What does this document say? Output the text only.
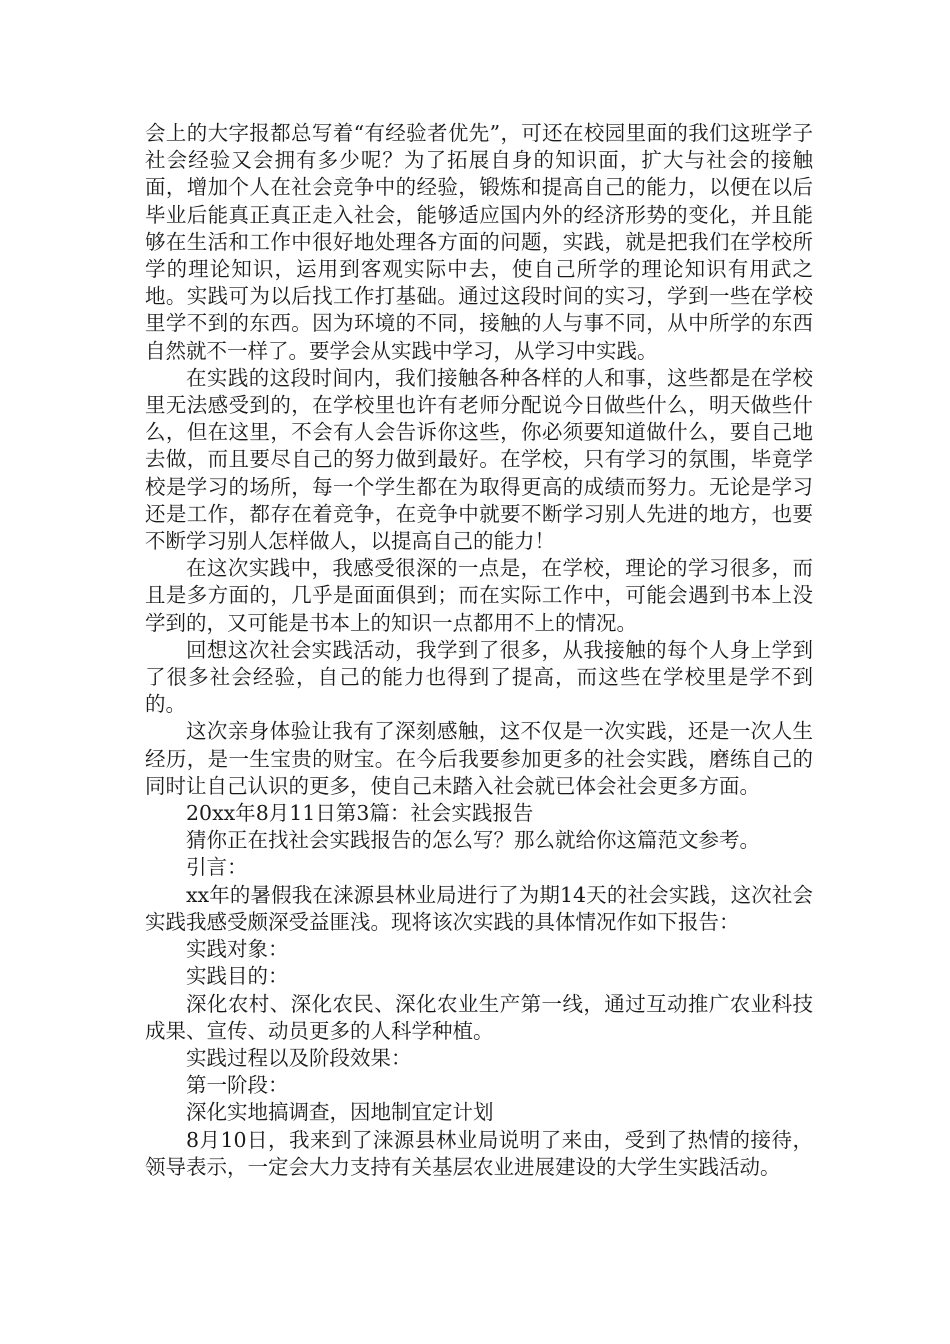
会上的大字报都总写着“有经验者优先”，可还在校园里面的我们这班学子社会经验又会拥有多少呢？为了拓展自身的知识面，扩大与社会的接触面，增加个人在社会竞争中的经验，锻炼和提高自己的能力，以便在以后毕业后能真正真正走入社会，能够适应国内外的经济形势的变化，并且能够在生活和工作中很好地处理各方面的问题，实践，就是把我们在学校所学的理论知识，运用到客观实际中去，使自己所学的理论知识有用武之地。实践可为以后找工作打基础。通过这段时间的实习，学到一些在学校里学不到的东西。因为环境的不同，接触的人与事不同，从中所学的东西自然就不一样了。要学会从实践中学习，从学习中实践。

在实践的这段时间内，我们接触各种各样的人和事，这些都是在学校里无法感受到的，在学校里也许有老师分配说今日做些什么，明天做些什么，但在这里，不会有人会告诉你这些，你必须要知道做什么，要自己地去做，而且要尽自己的努力做到最好。在学校，只有学习的氛围，毕竟学校是学习的场所，每一个学生都在为取得更高的成绩而努力。无论是学习还是工作，都存在着竞争，在竞争中就要不断学习别人先进的地方，也要不断学习别人怎样做人，以提高自己的能力！

在这次实践中，我感受很深的一点是，在学校，理论的学习很多，而且是多方面的，几乎是面面俱到；而在实际工作中，可能会遇到书本上没学到的，又可能是书本上的知识一点都用不上的情况。

回想这次社会实践活动，我学到了很多，从我接触的每个人身上学到了很多社会经验，自己的能力也得到了提高，而这些在学校里是学不到的。

这次亲身体验让我有了深刻感触，这不仅是一次实践，还是一次人生经历，是一生宝贵的财宝。在今后我要参加更多的社会实践，磨练自己的同时让自己认识的更多，使自己未踏入社会就已体会社会更多方面。

20xx年8月11日第3篇：社会实践报告

猜你正在找社会实践报告的怎么写？那么就给你这篇范文参考。

引言：

xx年的暑假我在涞源县林业局进行了为期14天的社会实践，这次社会实践我感受颇深受益匪浅。现将该次实践的具体情况作如下报告：

实践对象：

实践目的：

深化农村、深化农民、深化农业生产第一线，通过互动推广农业科技成果、宣传、动员更多的人科学种植。

实践过程以及阶段效果：

第一阶段：

深化实地搞调查，因地制宜定计划

8月10日，我来到了涞源县林业局说明了来由，受到了热情的接待，领导表示，一定会大力支持有关基层农业进展建设的大学生实践活动。
